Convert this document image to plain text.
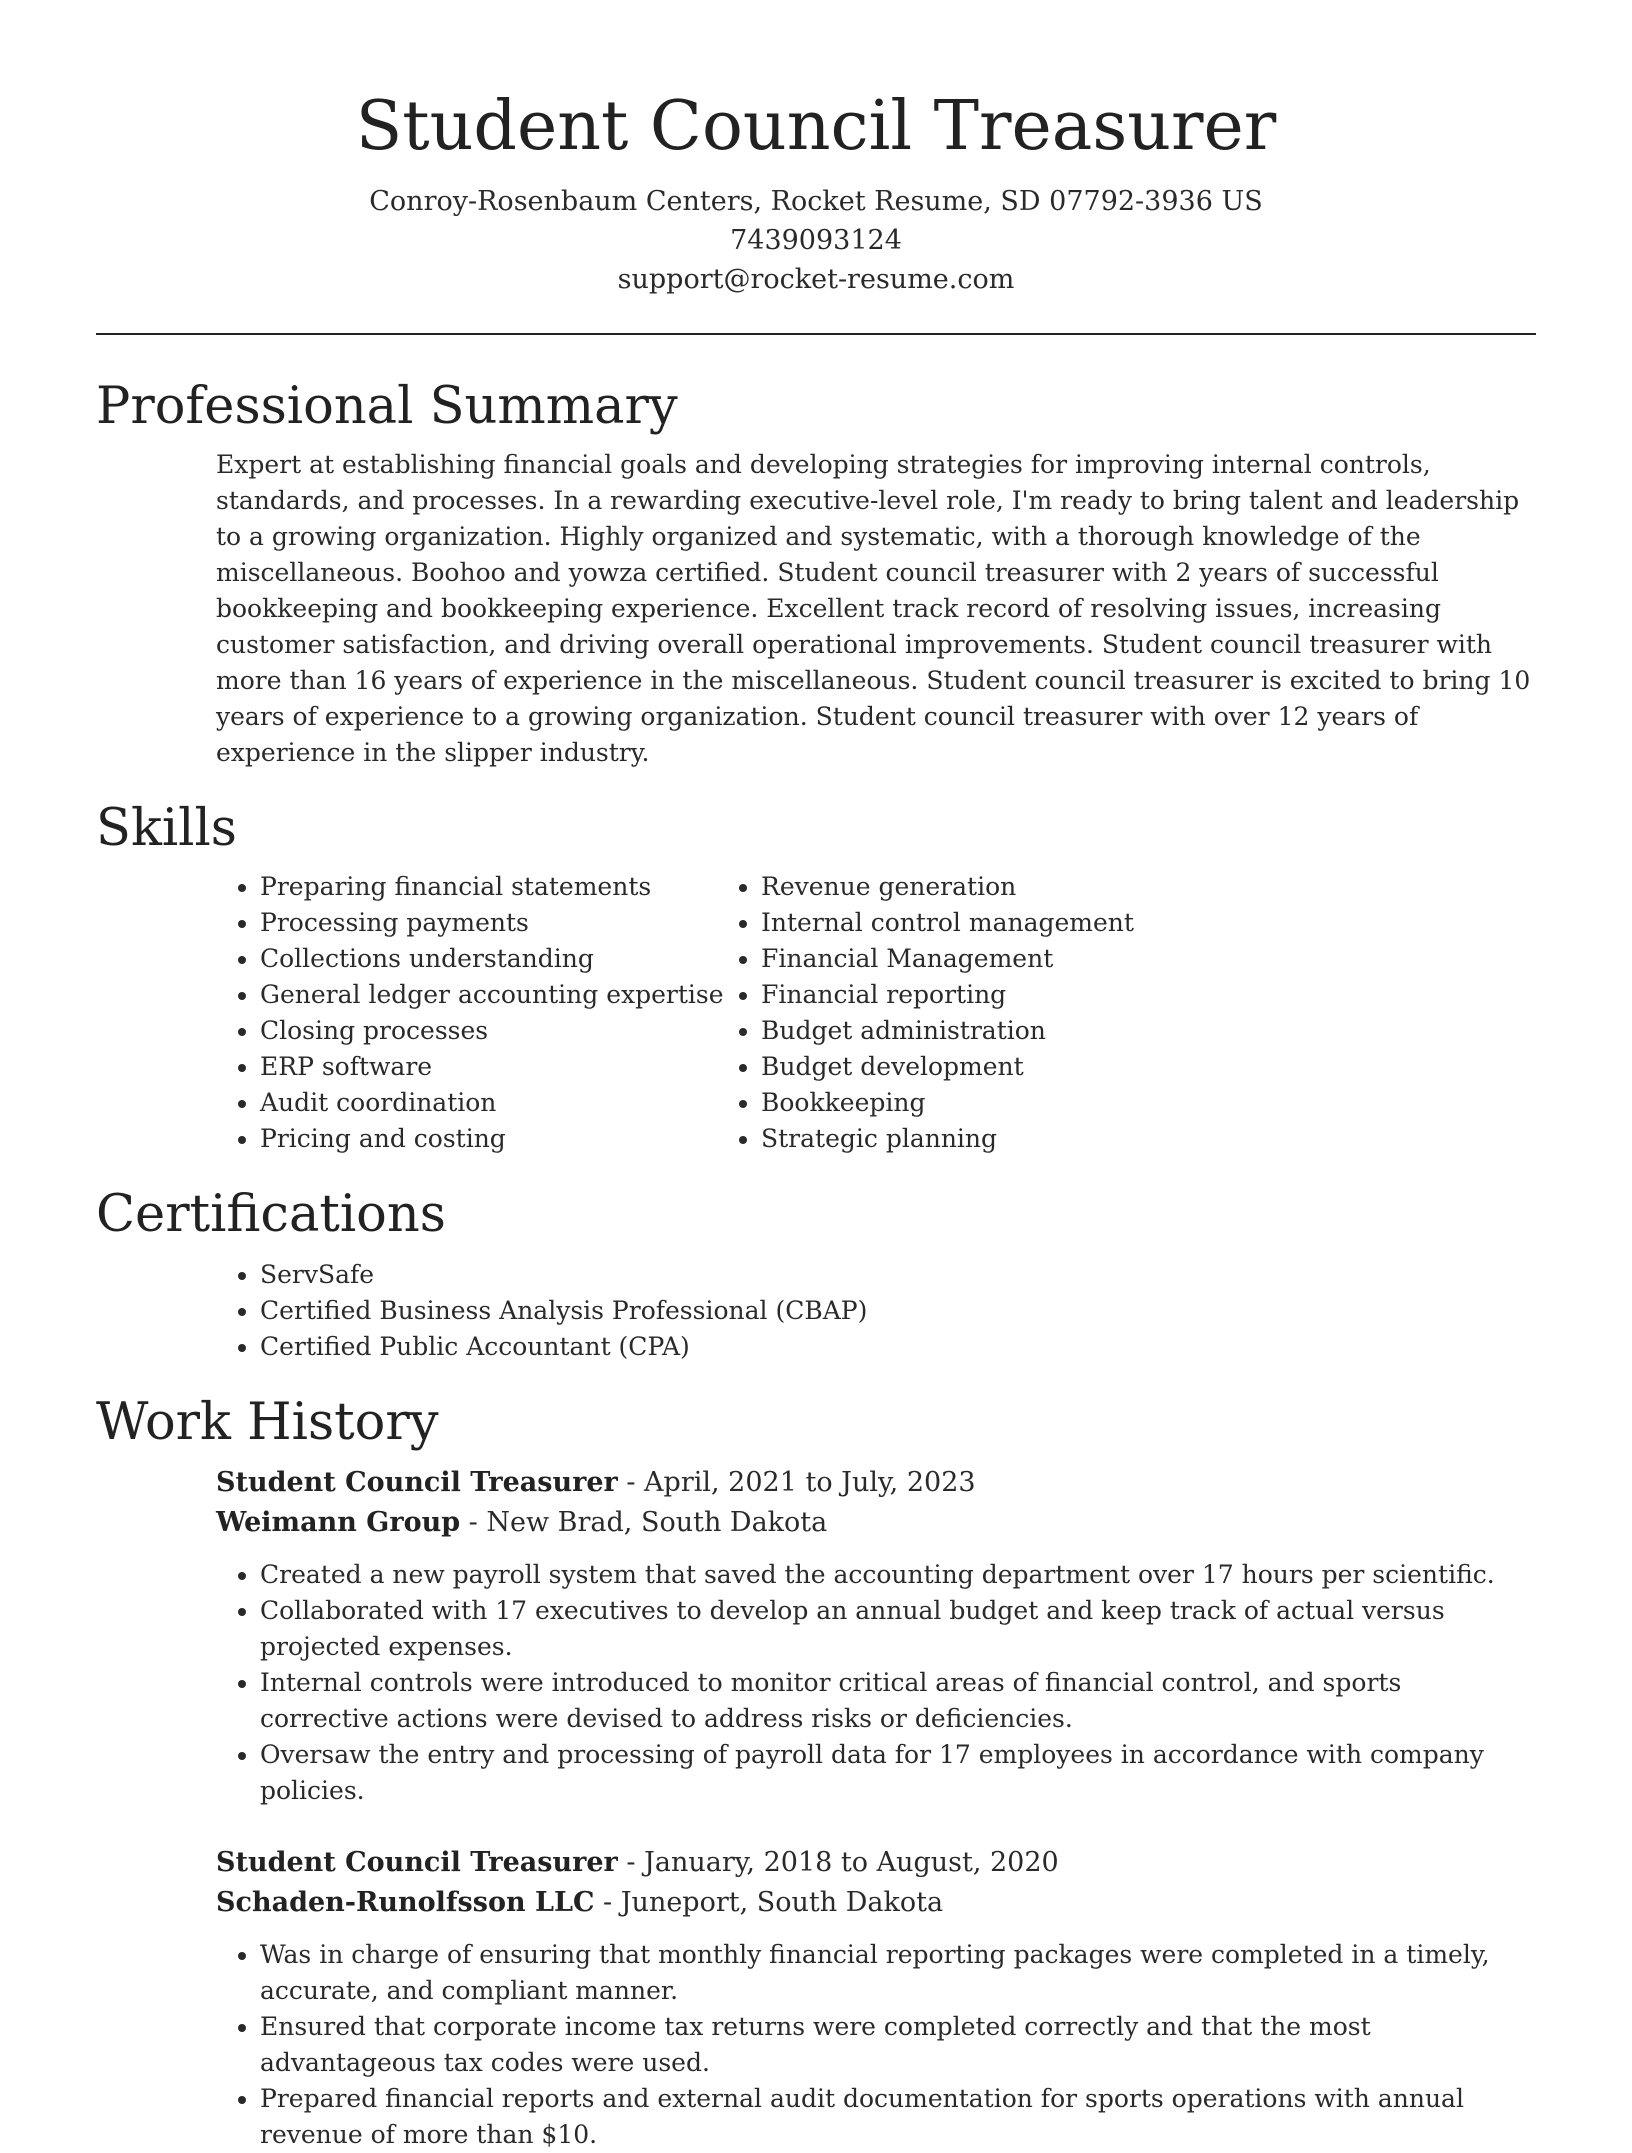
Student Council Treasurer
Conroy-Rosenbaum Centers, Rocket Resume, SD 07792-3936 US
7439093124
support@rocket-resume.com
Professional Summary

Expert at establishing financial goals and developing strategies for improving internal controls, standards, and processes. In a rewarding executive-level role, I'm ready to bring talent and leadership to a growing organization. Highly organized and systematic, with a thorough knowledge of the miscellaneous. Boohoo and yowza certified. Student council treasurer with 2 years of successful bookkeeping and bookkeeping experience. Excellent track record of resolving issues, increasing customer satisfaction, and driving overall operational improvements. Student council treasurer with more than 16 years of experience in the miscellaneous. Student council treasurer is excited to bring 10 years of experience to a growing organization. Student council treasurer with over 12 years of experience in the slipper industry.

Skills
• Preparing financial statements
• Processing payments
• Collections understanding
• General ledger accounting expertise
• Closing processes
• ERP software
• Audit coordination
• Pricing and costing
• Revenue generation
• Internal control management
• Financial Management
• Financial reporting
• Budget administration
• Budget development
• Bookkeeping
• Strategic planning
Certifications
• ServSafe
• Certified Business Analysis Professional (CBAP)
• Certified Public Accountant (CPA)
Work History
Student Council Treasurer - April, 2021 to July, 2023
Weimann Group - New Brad, South Dakota
• Created a new payroll system that saved the accounting department over 17 hours per scientific.
• Collaborated with 17 executives to develop an annual budget and keep track of actual versus projected expenses.
• Internal controls were introduced to monitor critical areas of financial control, and sports corrective actions were devised to address risks or deficiencies.
• Oversaw the entry and processing of payroll data for 17 employees in accordance with company policies.
Student Council Treasurer - January, 2018 to August, 2020
Schaden-Runolfsson LLC - Juneport, South Dakota
• Was in charge of ensuring that monthly financial reporting packages were completed in a timely, accurate, and compliant manner.
• Ensured that corporate income tax returns were completed correctly and that the most advantageous tax codes were used.
• Prepared financial reports and external audit documentation for sports operations with annual revenue of more than $10.
